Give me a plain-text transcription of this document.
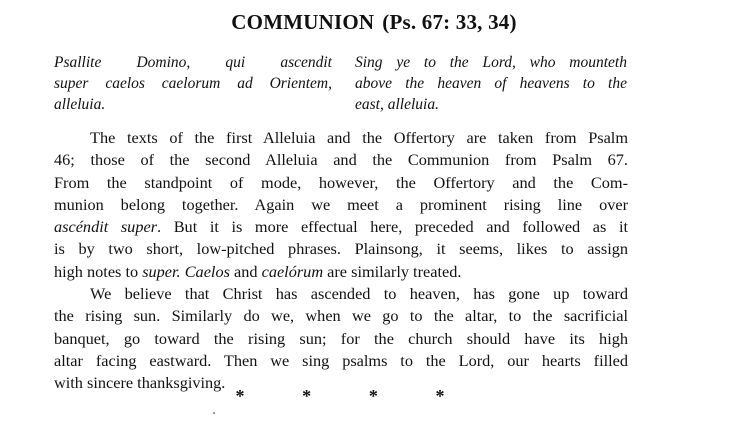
COMMUNION (Ps. 67: 33, 34)
Psallite Domino, qui ascendit
super caelos caelorum ad Orientem,
alleluia.
Sing ye to the Lord, who mounteth
above the heaven of heavens to the
east, alleluia.
The texts of the first Alleluia and the Offertory are taken from Psalm
46; those of the second Alleluia and the Communion from Psalm 67.
From the standpoint of mode, however, the Offertory and the Com-
munion belong together. Again we meet a prominent rising line over
ascéndit super. But it is more effectual here, preceded and followed as it
is by two short, low-pitched phrases. Plainsong, it seems, likes to assign
high notes to super. Caelos and caelórum are similarly treated.
We believe that Christ has ascended to heaven, has gone up toward
the rising sun. Similarly do we, when we go to the altar, to the sacrificial
banquet, go toward the rising sun; for the church should have its high
altar facing eastward. Then we sing psalms to the Lord, our hearts filled
with sincere thanksgiving.
*	*	*	*
